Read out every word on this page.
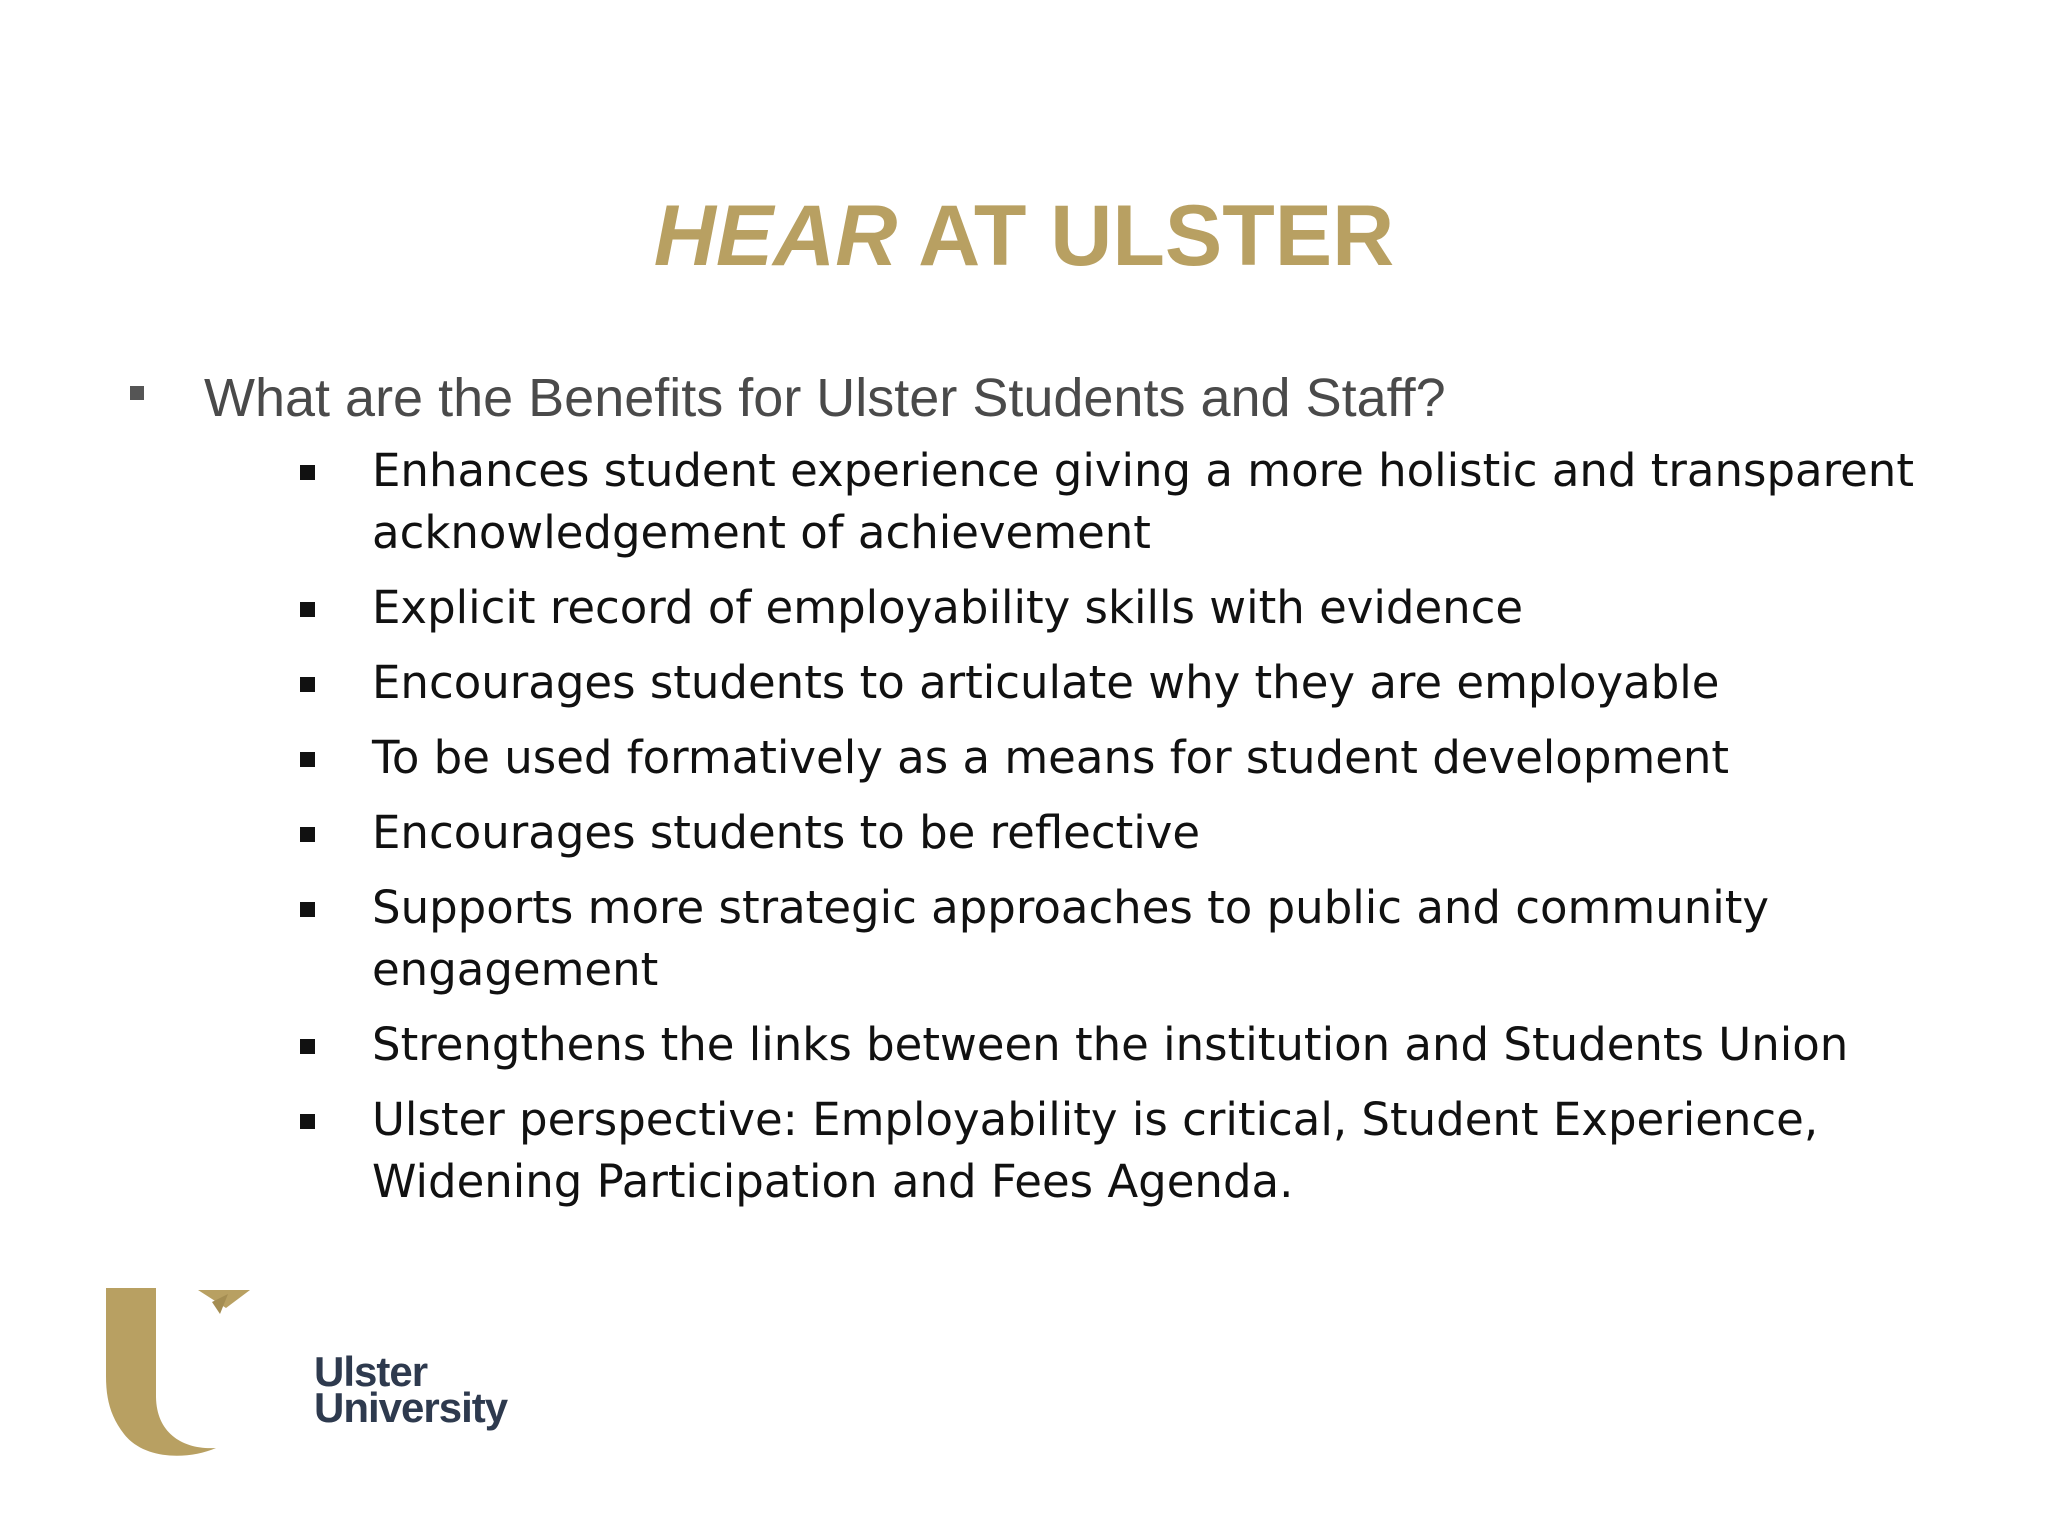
HEAR AT ULSTER
What are the Benefits for Ulster Students and Staff?
Enhances student experience giving a more holistic and transparent acknowledgement of achievement
Explicit record of employability skills with evidence
Encourages students to articulate why they are employable
To be used formatively as a means for student development
Encourages students to be reflective
Supports more strategic approaches to public and community engagement
Strengthens the links between the institution and Students Union
Ulster perspective: Employability is critical, Student Experience, Widening Participation and Fees Agenda.
Ulster
University
